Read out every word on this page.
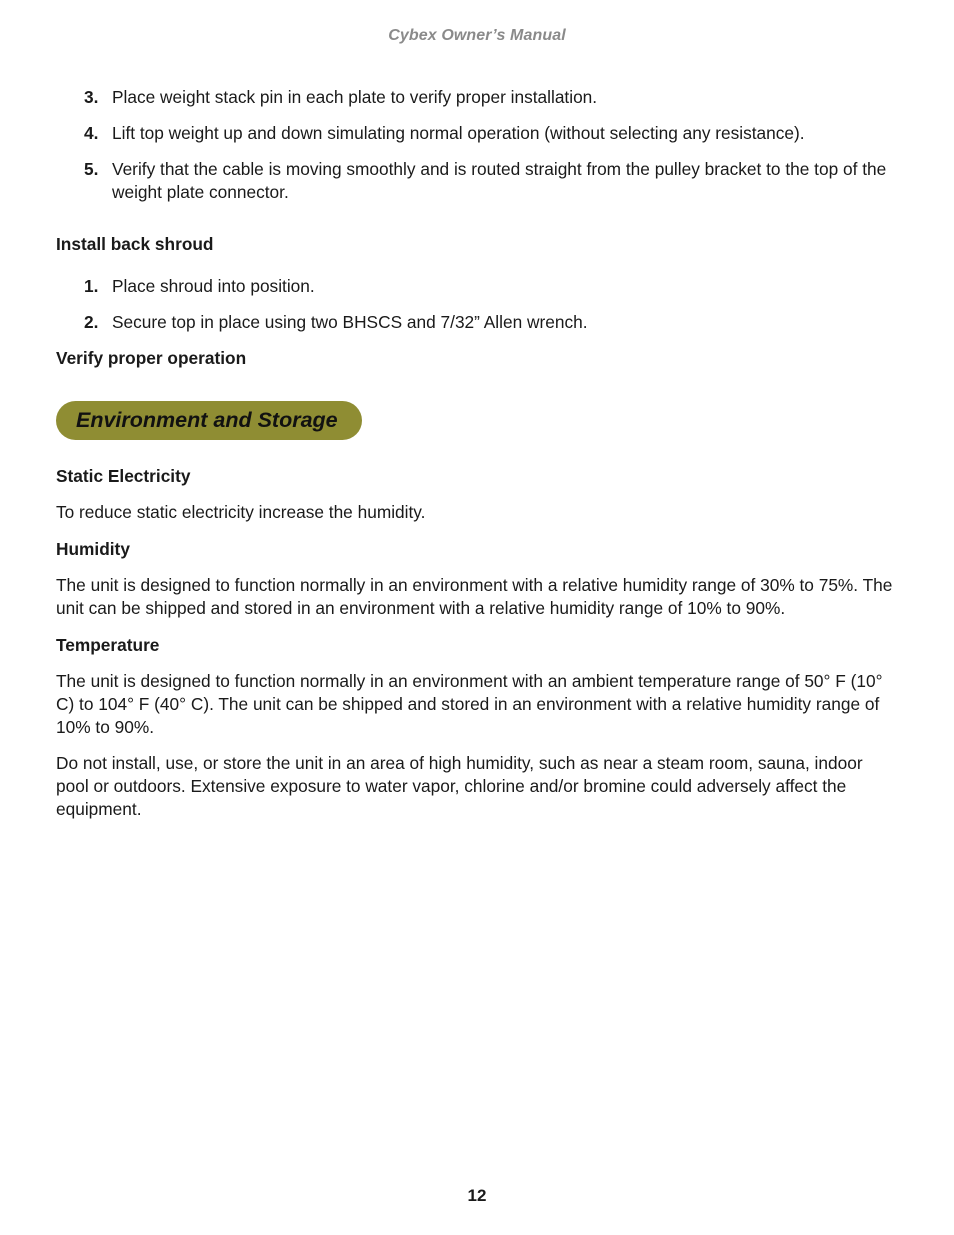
Cybex Owner’s Manual
3. Place weight stack pin in each plate to verify proper installation.
4. Lift top weight up and down simulating normal operation (without selecting any resistance).
5. Verify that the cable is moving smoothly and is routed straight from the pulley bracket to the top of the weight plate connector.
Install back shroud
1. Place shroud into position.
2. Secure top in place using two BHSCS and 7/32” Allen wrench.
Verify proper operation
Environment and Storage
Static Electricity

To reduce static electricity increase the humidity.

Humidity

The unit is designed to function normally in an environment with a relative humidity range of 30% to 75%. The unit can be shipped and stored in an environment with a relative humidity range of 10% to 90%.

Temperature

The unit is designed to function normally in an environment with an ambient temperature range of 50° F (10° C) to 104° F (40° C). The unit can be shipped and stored in an environment with a relative humidity range of 10% to 90%.

Do not install, use, or store the unit in an area of high humidity, such as near a steam room, sauna, indoor pool or outdoors. Extensive exposure to water vapor, chlorine and/or bromine could adversely affect the equipment.

12
